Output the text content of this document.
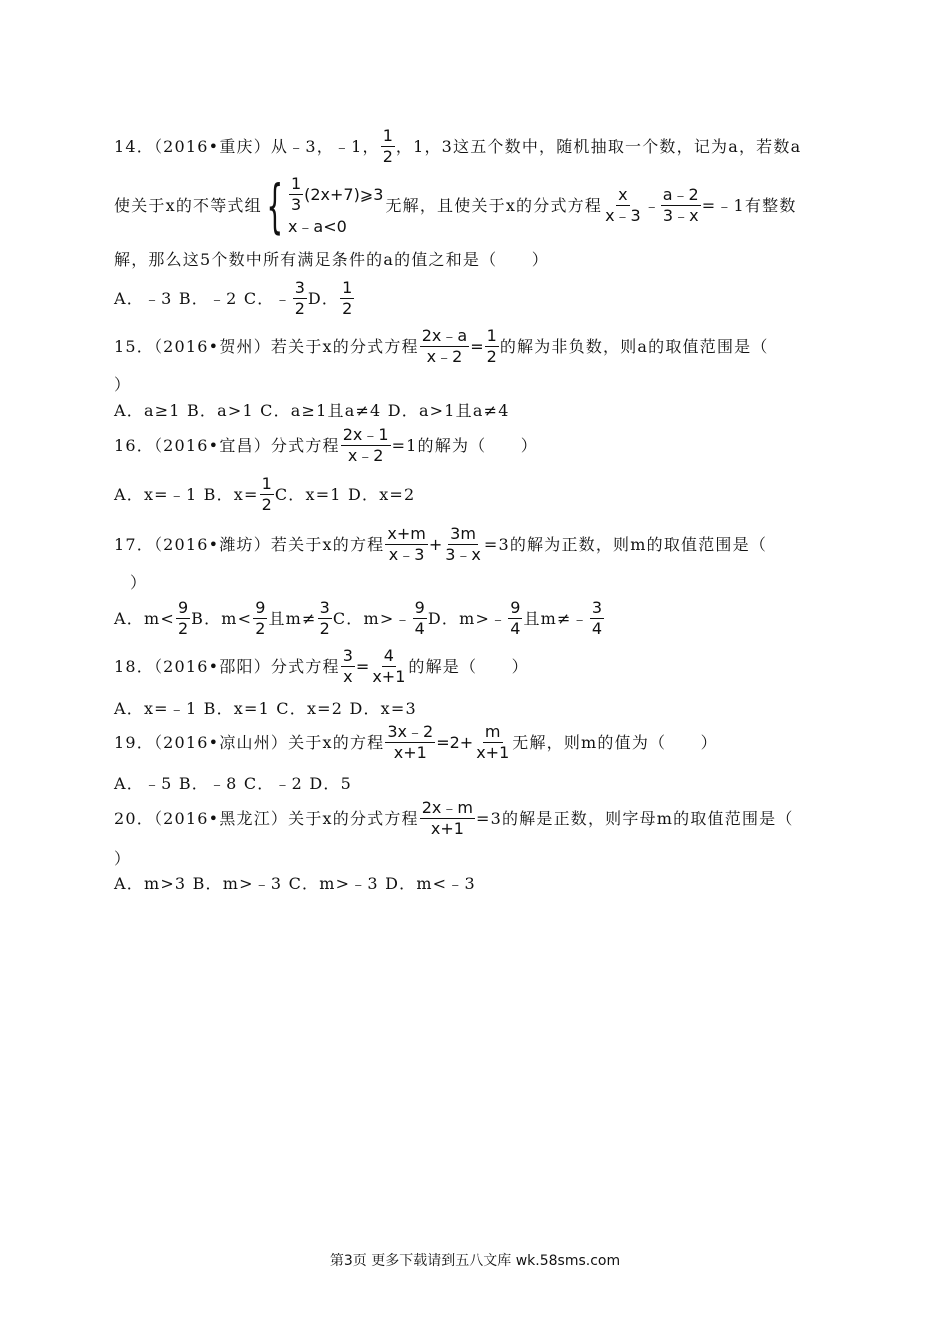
14．（2016•重庆）从﹣3，﹣1， $\frac{1}{2}$ ，1，3这五个数中，随机抽取一个数，记为a，若数a
使关于x的不等式组 { $\frac{1}{3}$ (2x+7)⩾3
x﹣a<0
无解，且使关于x的分式方程 $\frac{x}{x﹣3}$ ﹣ $\frac{a﹣2}{3﹣x}$ =﹣1有整数
解，那么这5个数中所有满足条件的a的值之和是（　　）
A．﹣3 B．﹣2 C．﹣ $\frac{3}{2}$ D． $\frac{1}{2}$
15．（2016•贺州）若关于x的分式方程 $\frac{2x﹣a}{x﹣2} = \frac{1}{2}$ 的解为非负数，则a的取值范围是（
）
A．a≥1 B．a>1 C．a≥1且a≠4 D．a>1且a≠4
16．（2016•宜昌）分式方程 $\frac{2x﹣1}{x﹣2} =1$的解为（　　）
A．x=﹣1 B．$x= \frac{1}{2}$ C．x=1 D．x=2
17．（2016•潍坊）若关于x的方程 $\frac{x+m}{x﹣3} + \frac{3m}{3﹣x} =3$的解为正数，则m的取值范围是（
）
A．$m< \frac{9}{2}$ B．$m< \frac{9}{2}$ 且$m\ne \frac{3}{2}$ C．m>﹣ $\frac{9}{4}$ D．m>﹣ $\frac{9}{4}$ 且m≠﹣ $\frac{3}{4}$
18．（2016•邵阳）分式方程 $\frac{3}{x} = \frac{4}{x+1}$ 的解是（　　）
A．x=﹣1 B．x=1 C．x=2 D．x=3
19．（2016•凉山州）关于x的方程 $\frac{3x﹣2}{x+1} =2+ \frac{m}{x+1}$ 无解，则m的值为（　　）
A．﹣5 B．﹣8 C．﹣2 D．5
20．（2016•黑龙江）关于x的分式方程 $\frac{2x﹣m}{x+1} =3$的解是正数，则字母m的取值范围是（
）
A．m>3 B．m>﹣3 C．m>﹣3 D．m<﹣3
第3页 更多下载请到五八文库 wk.58sms.com
